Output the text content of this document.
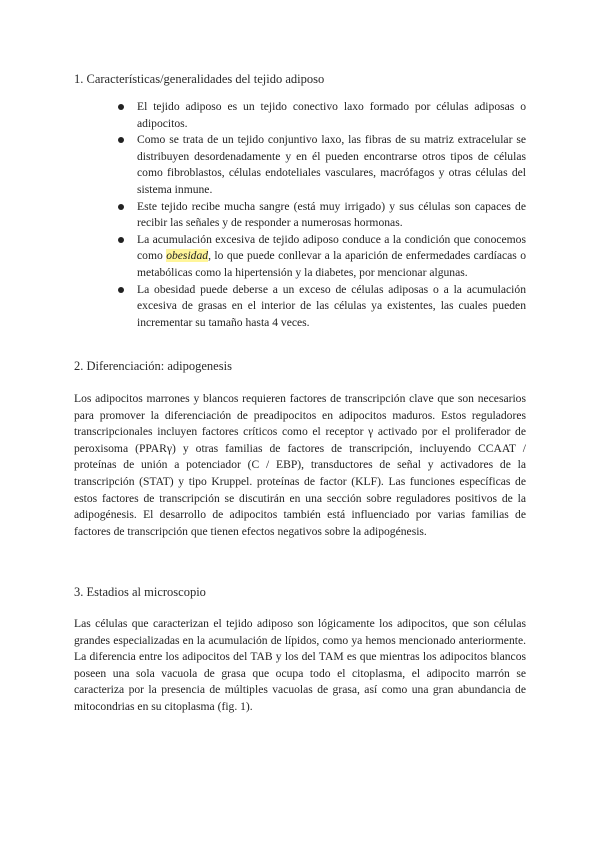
1. Características/generalidades del tejido adiposo
El tejido adiposo es un tejido conectivo laxo formado por células adiposas o adipocitos.
Como se trata de un tejido conjuntivo laxo, las fibras de su matriz extracelular se distribuyen desordenadamente y en él pueden encontrarse otros tipos de células como fibroblastos, células endoteliales vasculares, macrófagos y otras células del sistema inmune.
Este tejido recibe mucha sangre (está muy irrigado) y sus células son capaces de recibir las señales y de responder a numerosas hormonas.
La acumulación excesiva de tejido adiposo conduce a la condición que conocemos como obesidad, lo que puede conllevar a la aparición de enfermedades cardíacas o metabólicas como la hipertensión y la diabetes, por mencionar algunas.
La obesidad puede deberse a un exceso de células adiposas o a la acumulación excesiva de grasas en el interior de las células ya existentes, las cuales pueden incrementar su tamaño hasta 4 veces.
2. Diferenciación: adipogenesis

Los adipocitos marrones y blancos requieren factores de transcripción clave que son necesarios para promover la diferenciación de preadipocitos en adipocitos maduros. Estos reguladores transcripcionales incluyen factores críticos como el receptor γ activado por el proliferador de peroxisoma (PPARγ) y otras familias de factores de transcripción, incluyendo CCAAT / proteínas de unión a potenciador (C / EBP), transductores de señal y activadores de la transcripción (STAT) y tipo Kruppel. proteínas de factor (KLF). Las funciones específicas de estos factores de transcripción se discutirán en una sección sobre reguladores positivos de la adipogénesis. El desarrollo de adipocitos también está influenciado por varias familias de factores de transcripción que tienen efectos negativos sobre la adipogénesis.

3. Estadios al microscopio

Las células que caracterizan el tejido adiposo son lógicamente los adipocitos, que son células grandes especializadas en la acumulación de lípidos, como ya hemos mencionado anteriormente. La diferencia entre los adipocitos del TAB y los del TAM es que mientras los adipocitos blancos poseen una sola vacuola de grasa que ocupa todo el citoplasma, el adipocito marrón se caracteriza por la presencia de múltiples vacuolas de grasa, así como una gran abundancia de mitocondrias en su citoplasma (fig. 1).
